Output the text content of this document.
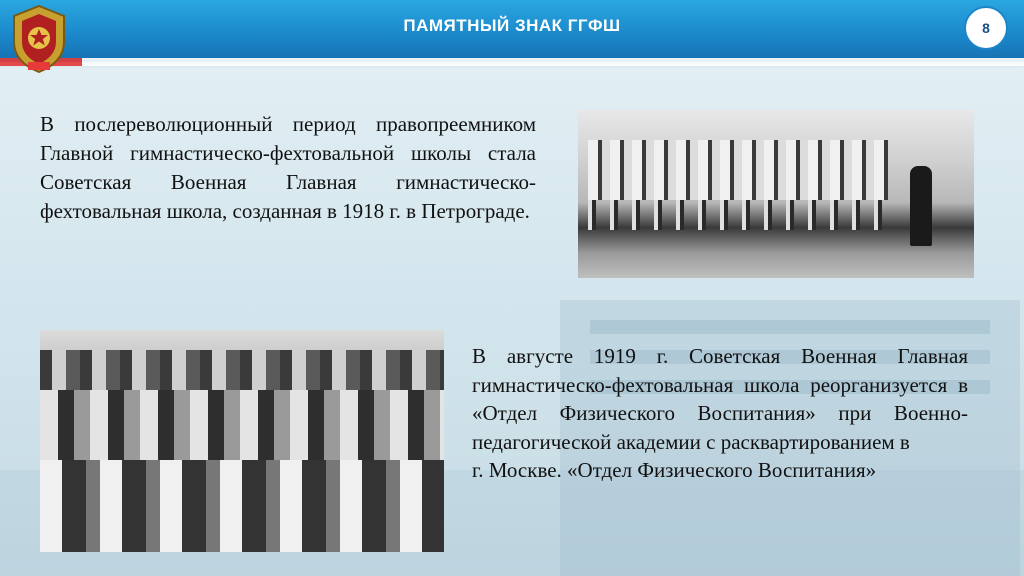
ПАМЯТНЫЙ ЗНАК ГГФШ	8
В послереволюционный период правопреемником Главной гимнастическо-фехтовальной школы стала Советская Военная Главная гимнастическо-фехтовальная школа, созданная в 1918 г. в Петрограде.
В августе 1919 г. Советская Военная Главная гимнастическо-фехтовальная школа реорганизуется в «Отдел Физического Воспитания» при Военно-педагогической академии с расквартированием в
г. Москве. «Отдел Физического Воспитания»
